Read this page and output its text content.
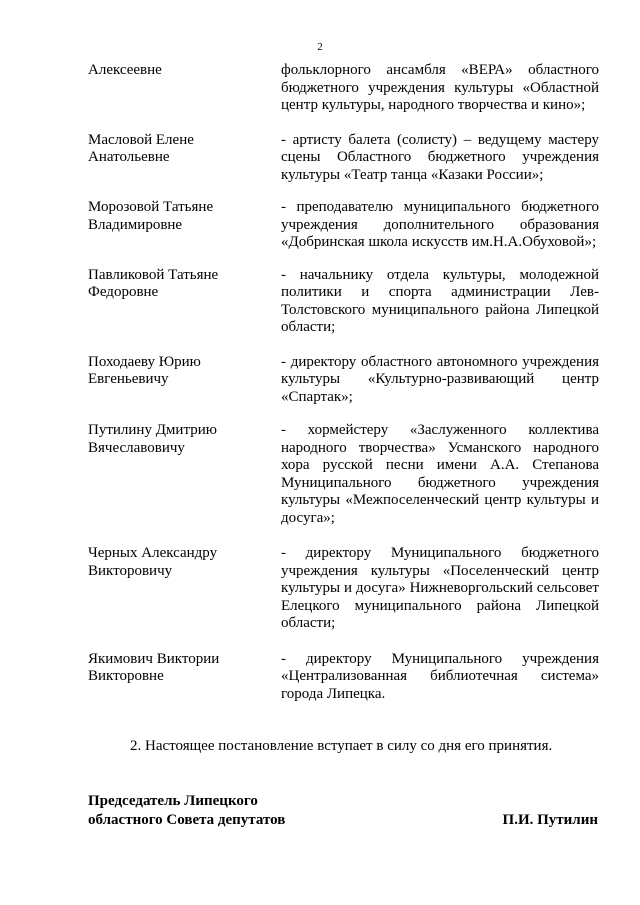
2
Алексеевне	фольклорного ансамбля «ВЕРА» областного бюджетного учреждения культуры «Областной центр культуры, народного творчества и кино»;
Масловой Елене Анатольевне
- артисту балета (солисту) – ведущему мастеру сцены Областного бюджетного учреждения культуры «Театр танца «Казаки России»;
Морозовой Татьяне Владимировне
- преподавателю муниципального бюджетного учреждения дополнительного образования «Добринская школа искусств им.Н.А.Обуховой»;
Павликовой Татьяне Федоровне
- начальнику отдела культуры, молодежной политики и спорта администрации Лев-Толстовского муниципального района Липецкой области;
Походаеву Юрию Евгеньевичу
- директору областного автономного учреждения культуры «Культурно-развивающий центр «Спартак»;
Путилину Дмитрию Вячеславовичу
- хормейстеру «Заслуженного коллектива народного творчества» Усманского народного хора русской песни имени А.А. Степанова Муниципального бюджетного учреждения культуры «Межпоселенческий центр культуры и досуга»;
Черных Александру Викторовичу
- директору Муниципального бюджетного учреждения культуры «Поселенческий центр культуры и досуга» Нижневоргольский сельсовет Елецкого муниципального района Липецкой области;
Якимович Виктории Викторовне
- директору Муниципального учреждения «Централизованная библиотечная система» города Липецка.
2. Настоящее постановление вступает в силу со дня его принятия.
Председатель Липецкого
областного Совета депутатов	П.И. Путилин
